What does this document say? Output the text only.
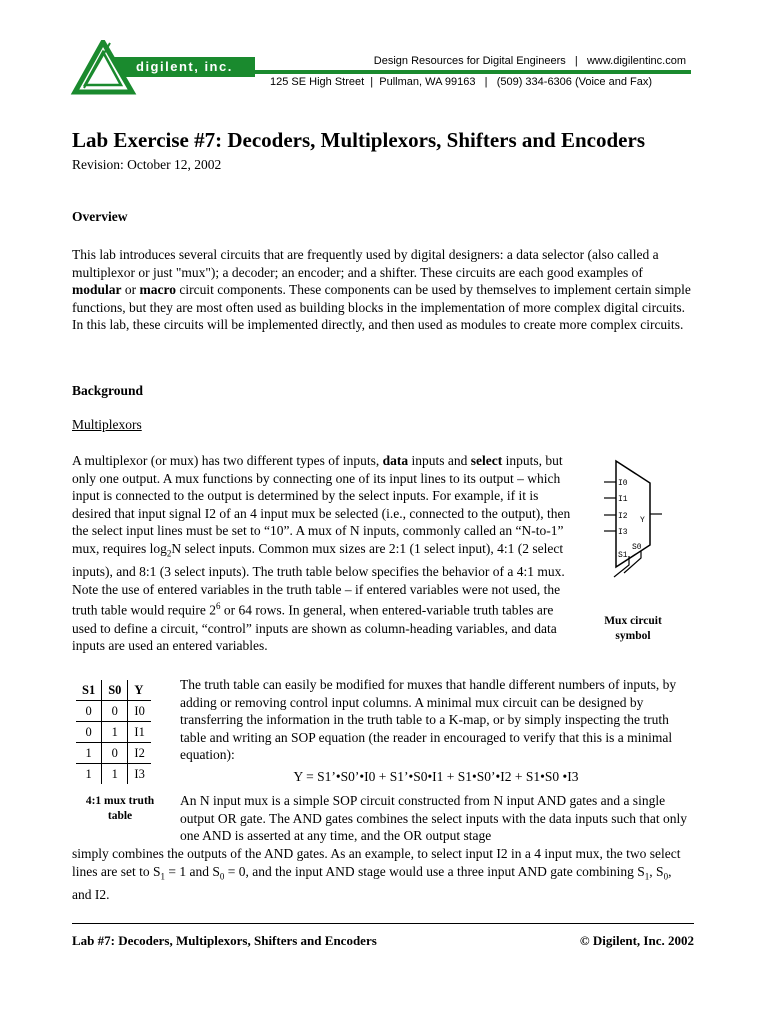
digilent, inc.	Design Resources for Digital Engineers | www.digilentinc.com
125 SE High Street | Pullman, WA 99163 | (509) 334-6306 (Voice and Fax)
Lab Exercise #7: Decoders, Multiplexors, Shifters and Encoders
Revision: October 12, 2002
Overview
This lab introduces several circuits that are frequently used by digital designers: a data selector (also called a multiplexor or just "mux"); a decoder; an encoder; and a shifter. These circuits are each good examples of modular or macro circuit components. These components can be used by themselves to implement certain simple functions, but they are most often used as building blocks in the implementation of more complex digital circuits. In this lab, these circuits will be implemented directly, and then used as modules to create more complex circuits.
Background
Multiplexors
A multiplexor (or mux) has two different types of inputs, data inputs and select inputs, but only one output. A mux functions by connecting one of its input lines to its output – which input is connected to the output is determined by the select inputs. For example, if it is desired that input signal I2 of an 4 input mux be selected (i.e., connected to the output), then the select input lines must be set to “10”. A mux of N inputs, commonly called an “N-to-1” mux, requires $\log_2N$ select inputs. Common mux sizes are 2:1 (1 select input), 4:1 (2 select inputs), and 8:1 (3 select inputs). The truth table below specifies the behavior of a 4:1 mux. Note the use of entered variables in the truth table – if entered variables were not used, the truth table would require $2^6$ or 64 rows. In general, when entered-variable truth tables are used to define a circuit, “control” inputs are shown as column-heading variables, and data inputs are used an entered variables.
I0
I1
I2
I3
Y
S0
S1
Mux circuit
symbol
S1	S0	Y
0	0	I0
0	1	I1
1	0	I2
1	1	I3
4:1 mux truth
table
The truth table can easily be modified for muxes that handle different numbers of inputs, by adding or removing control input columns. A minimal mux circuit can be designed by transferring the information in the truth table to a K-map, or by simply inspecting the truth table and writing an SOP equation (the reader in encouraged to verify that this is a minimal equation):
Y = S1’•S0’•I0 + S1’•S0•I1 + S1•S0’•I2 + S1•S0 •I3
An N input mux is a simple SOP circuit constructed from N input AND gates and a single output OR gate. The AND gates combines the select inputs with the data inputs such that only one AND is asserted at any time, and the OR output stage
simply combines the outputs of the AND gates. As an example, to select input I2 in a 4 input mux, the two select lines are set to $S_1 = 1$ and $S_0 = 0$, and the input AND stage would use a three input AND gate combining $S_1$, $S_0$, and I2.
Lab #7: Decoders, Multiplexors, Shifters and Encoders	© Digilent, Inc. 2002
